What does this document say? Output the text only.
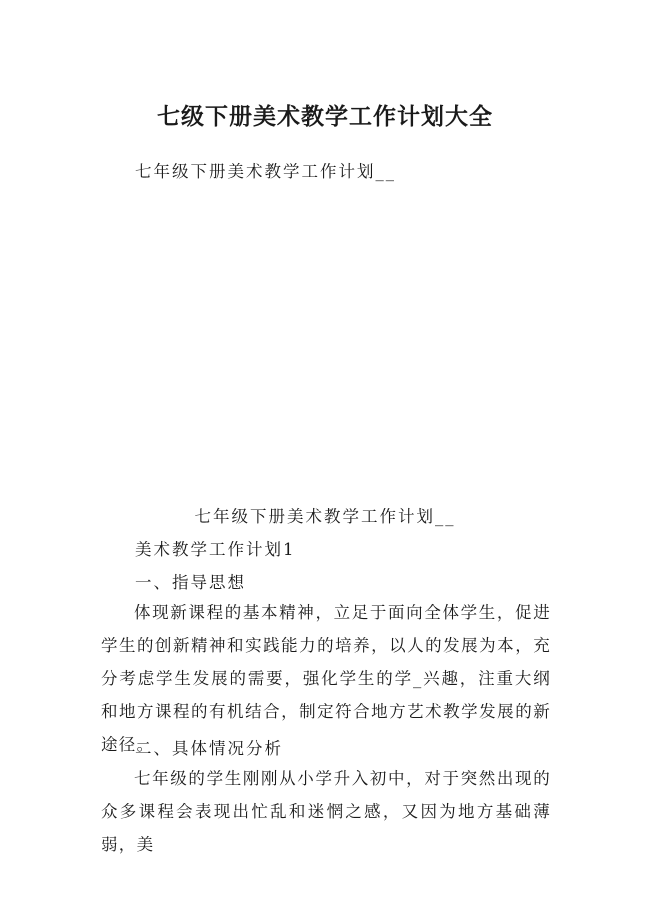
七级下册美术教学工作计划大全
七年级下册美术教学工作计划__
七年级下册美术教学工作计划__
美术教学工作计划1
一、指导思想
体现新课程的基本精神，立足于面向全体学生，促进学生的创新精神和实践能力的培养，以人的发展为本，充分考虑学生发展的需要，强化学生的学_兴趣，注重大纲和地方课程的有机结合，制定符合地方艺术教学发展的新途径。
二、具体情况分析
七年级的学生刚刚从小学升入初中，对于突然出现的众多课程会表现出忙乱和迷惘之感，又因为地方基础薄弱，美
